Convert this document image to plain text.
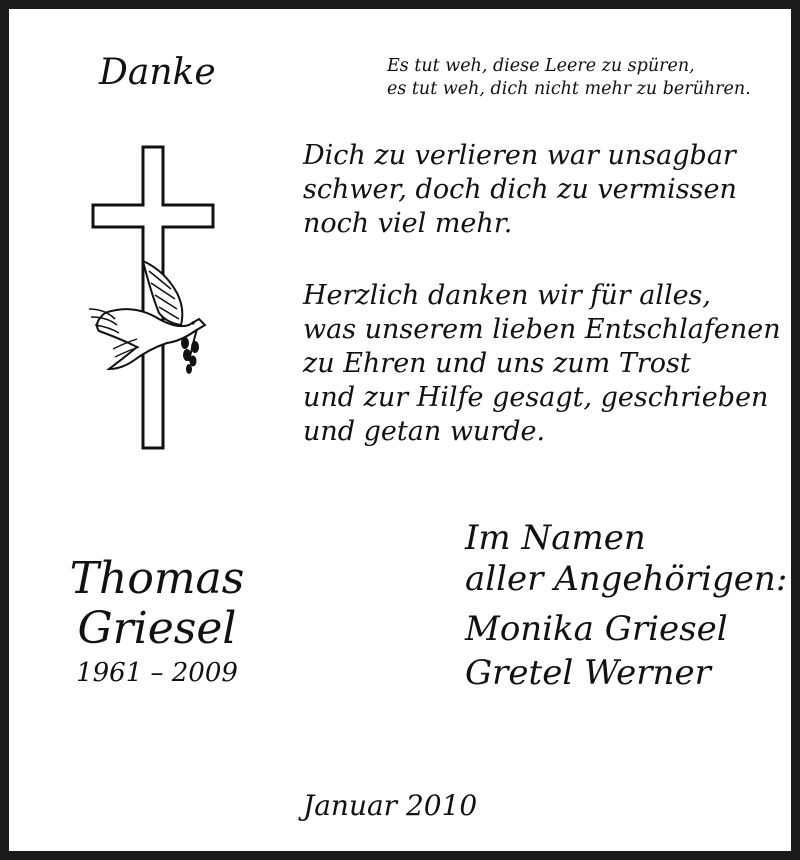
Danke	Es tut weh, diese Leere zu spüren,
es tut weh, dich nicht mehr zu berühren.
Dich zu verlieren war unsagbar
schwer, doch dich zu vermissen
noch viel mehr.
Herzlich danken wir für alles,
was unserem lieben Entschlafenen
zu Ehren und uns zum Trost
und zur Hilfe gesagt, geschrieben
und getan wurde.
Thomas
Griesel
1961 – 2009
Im Namen
aller Angehörigen:
Monika Griesel
Gretel Werner
Januar 2010
